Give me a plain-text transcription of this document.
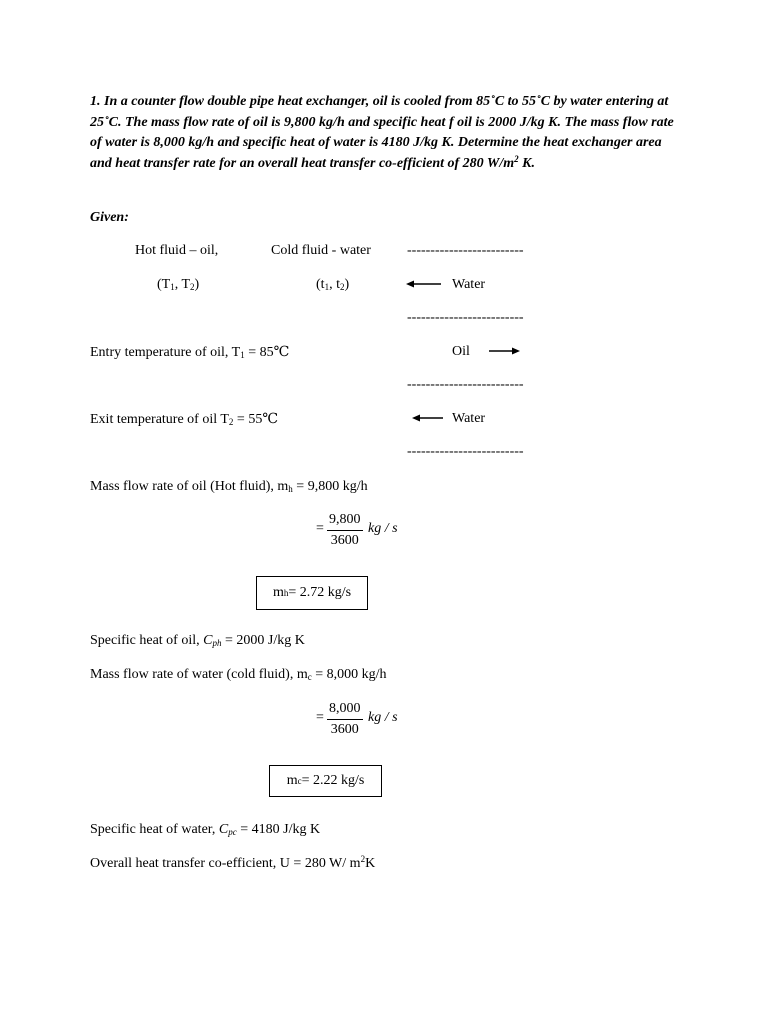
1. In a counter flow double pipe heat exchanger, oil is cooled from 85˚C to 55˚C by water entering at 25˚C. The mass flow rate of oil is 9,800 kg/h and specific heat f oil is 2000 J/kg K. The mass flow rate of water is 8,000 kg/h and specific heat of water is 4180 J/kg K. Determine the heat exchanger area and heat transfer rate for an overall heat transfer co-efficient of 280 $W/m^2$ K.
Given:
Hot fluid – oil,	Cold fluid - water
($T_1$, $T_2$)	($t_1$, $t_2$)
-------------------------
Water
-------------------------
Oil
-------------------------
Water
-------------------------
Entry temperature of oil, $T_1$ = 85℃
Exit temperature of oil $T_2$ = 55℃
Mass flow rate of oil (Hot fluid), $m_h = 9,800$ kg/h
= $\frac{9,800}{3600}$ kg / s
m h = 2.72 kg/s
Specific heat of oil, $C_{ph} = 2000$ J/kg K
Mass flow rate of water (cold fluid), $m_c = 8,000$ kg/h
= $\frac{8,000}{3600}$ kg / s
m c = 2.22 kg/s
Specific heat of water, $C_{pc} = 4180$ J/kg K
Overall heat transfer co-efficient, U = 280 W/ $m^2K$
